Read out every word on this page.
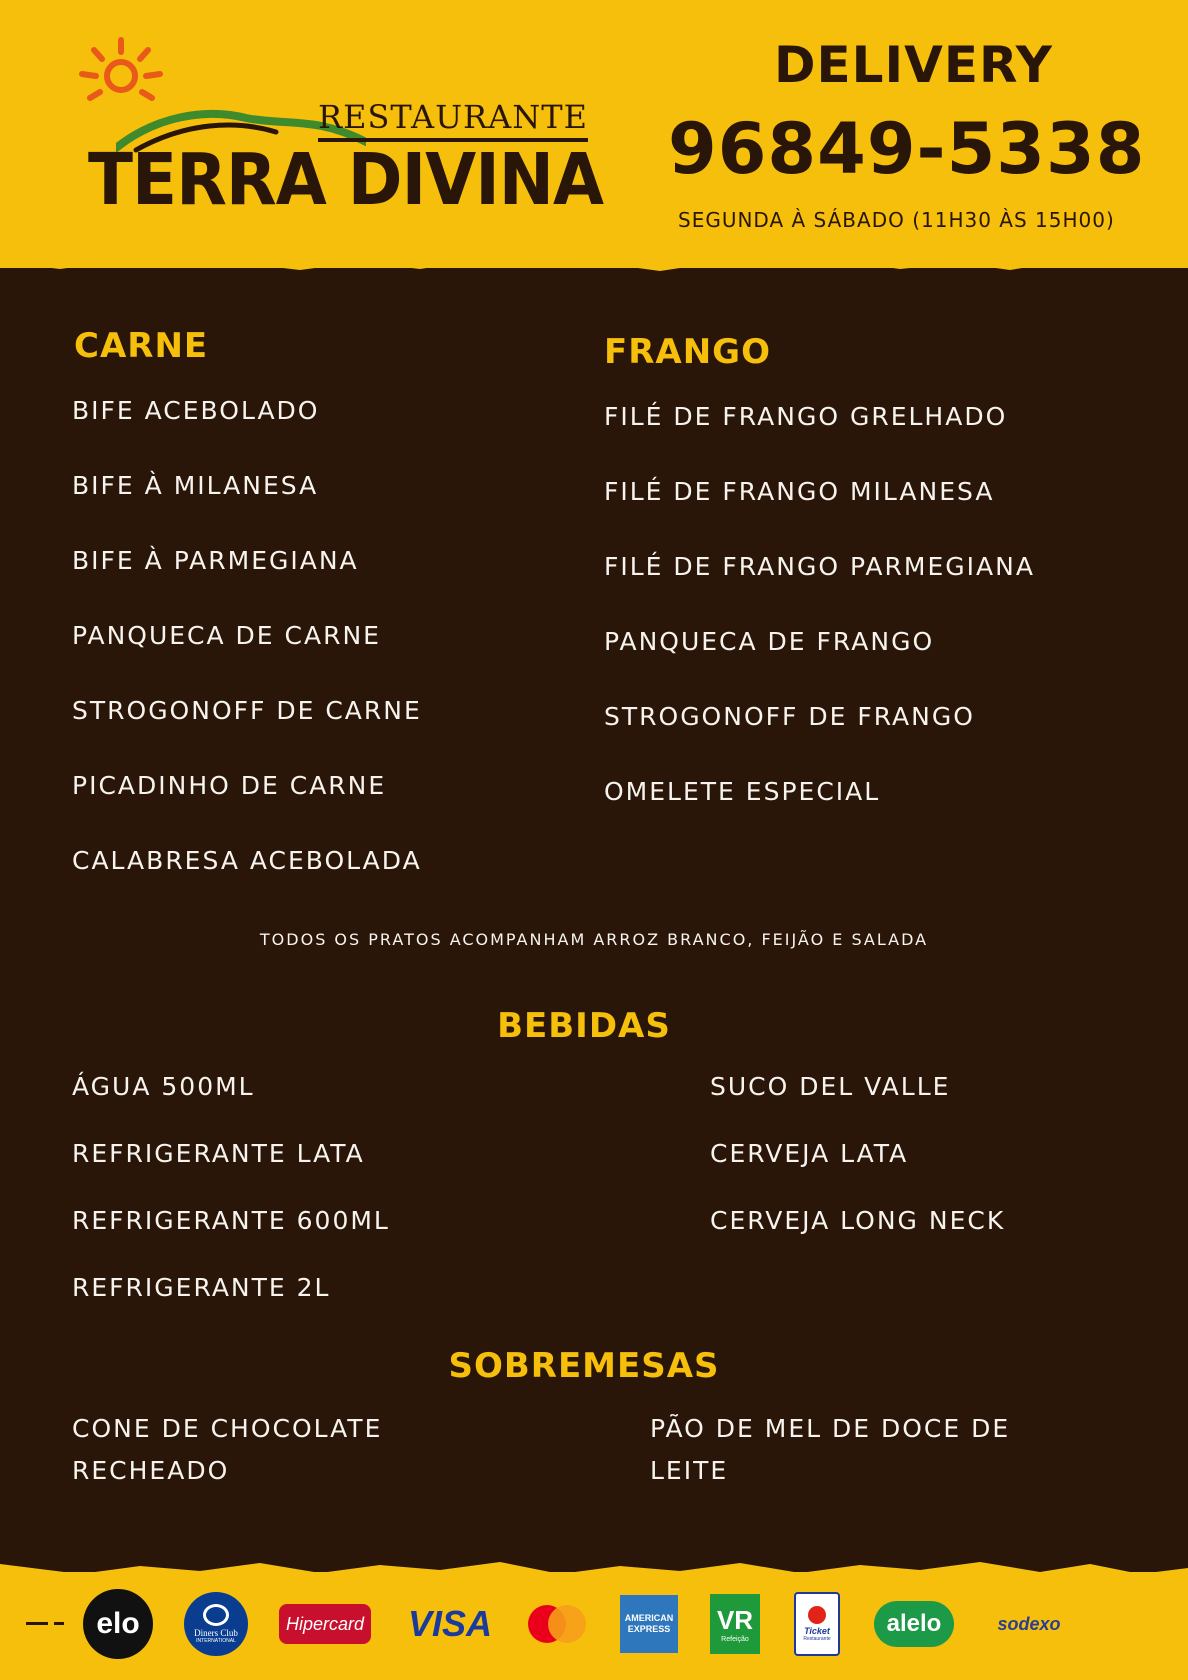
RESTAURANTE
TERRA DIVINA
DELIVERY
96849-5338
SEGUNDA À SÁBADO (11H30 ÀS 15H00)
CARNE
BIFE ACEBOLADO
BIFE À MILANESA
BIFE À PARMEGIANA
PANQUECA DE CARNE
STROGONOFF DE CARNE
PICADINHO DE CARNE
CALABRESA ACEBOLADA
FRANGO
FILÉ DE FRANGO GRELHADO
FILÉ DE FRANGO MILANESA
FILÉ DE FRANGO PARMEGIANA
PANQUECA DE FRANGO
STROGONOFF DE FRANGO
OMELETE ESPECIAL
TODOS OS PRATOS ACOMPANHAM ARROZ BRANCO, FEIJÃO E SALADA
BEBIDAS
ÁGUA 500ML
REFRIGERANTE LATA
REFRIGERANTE 600ML
REFRIGERANTE 2L
SUCO DEL VALLE
CERVEJA LATA
CERVEJA LONG NECK
SOBREMESAS
CONE DE CHOCOLATE RECHEADO
PÃO DE MEL DE DOCE DE LEITE
elo	Diners Club
INTERNATIONAL
Hipercard VISA	AMERICAN EXPRESS VR
Refeição
Ticket
Restaurante
alelo	sodexo
